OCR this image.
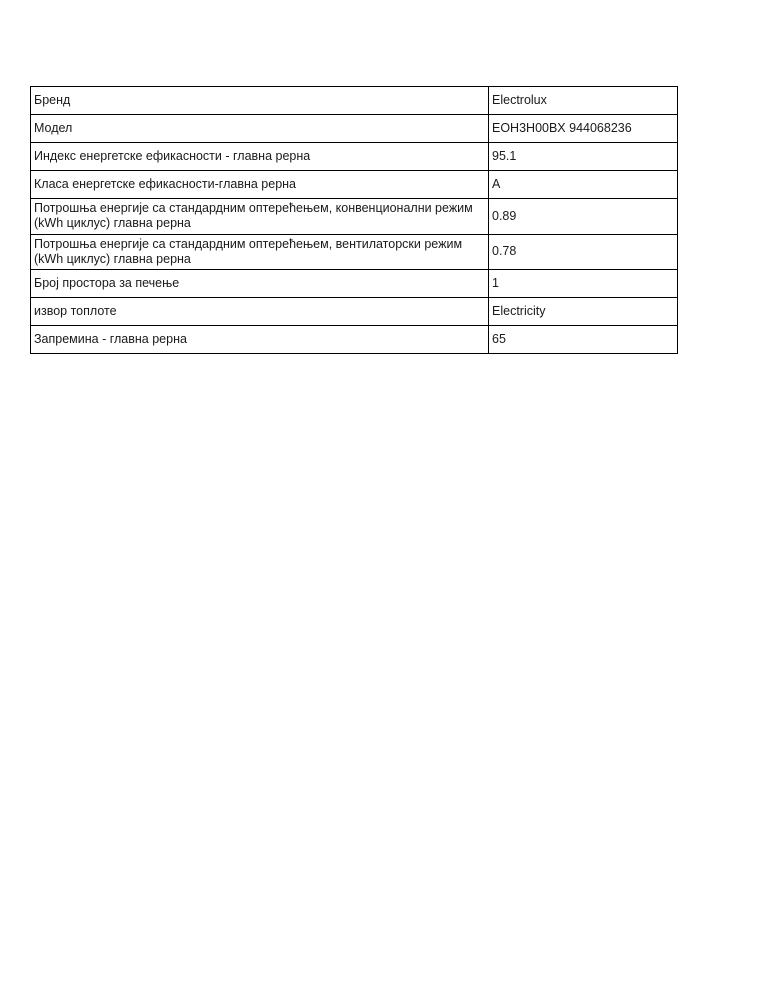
Бренд	Electrolux
Модел	EOH3H00BX 944068236
Индекс енергетске ефикасности - главна рерна	95.1
Класа енергетске ефикасности-главна рерна	A
Потрошња енергије са стандардним оптерећењем, конвенционални режим (kWh циклус) главна рерна	0.89
Потрошња енергије са стандардним оптерећењем, вентилаторски режим (kWh циклус) главна рерна	0.78
Број простора за печење	1
извор топлоте	Electricity
Запремина - главна рерна	65
